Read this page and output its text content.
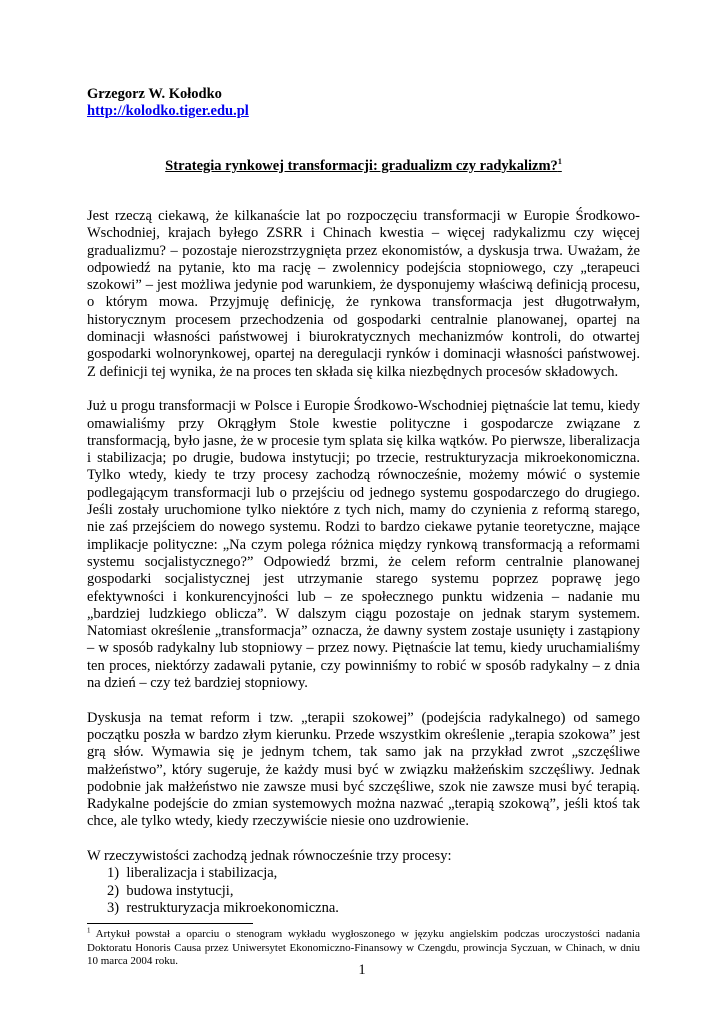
Grzegorz W. Kołodko

http://kolodko.tiger.edu.pl

Strategia rynkowej transformacji: gradualizm czy radykalizm?$^1$

Jest rzeczą ciekawą, że kilkanaście lat po rozpoczęciu transformacji w Europie Środkowo-Wschodniej, krajach byłego ZSRR i Chinach kwestia – więcej radykalizmu czy więcej gradualizmu? – pozostaje nierozstrzygnięta przez ekonomistów, a dyskusja trwa. Uważam, że odpowiedź na pytanie, kto ma rację – zwolennicy podejścia stopniowego, czy „terapeuci szokowi” – jest możliwa jedynie pod warunkiem, że dysponujemy właściwą definicją procesu, o którym mowa. Przyjmuję definicję, że rynkowa transformacja jest długotrwałym, historycznym procesem przechodzenia od gospodarki centralnie planowanej, opartej na dominacji własności państwowej i biurokratycznych mechanizmów kontroli, do otwartej gospodarki wolnorynkowej, opartej na deregulacji rynków i dominacji własności państwowej. Z definicji tej wynika, że na proces ten składa się kilka niezbędnych procesów składowych.

Już u progu transformacji w Polsce i Europie Środkowo-Wschodniej piętnaście lat temu, kiedy omawialiśmy przy Okrągłym Stole kwestie polityczne i gospodarcze związane z transformacją, było jasne, że w procesie tym splata się kilka wątków. Po pierwsze, liberalizacja i stabilizacja; po drugie, budowa instytucji; po trzecie, restrukturyzacja mikroekonomiczna. Tylko wtedy, kiedy te trzy procesy zachodzą równocześnie, możemy mówić o systemie podlegającym transformacji lub o przejściu od jednego systemu gospodarczego do drugiego. Jeśli zostały uruchomione tylko niektóre z tych nich, mamy do czynienia z reformą starego, nie zaś przejściem do nowego systemu. Rodzi to bardzo ciekawe pytanie teoretyczne, mające implikacje polityczne: „Na czym polega różnica między rynkową transformacją a reformami systemu socjalistycznego?” Odpowiedź brzmi, że celem reform centralnie planowanej gospodarki socjalistycznej jest utrzymanie starego systemu poprzez poprawę jego efektywności i konkurencyjności lub – ze społecznego punktu widzenia – nadanie mu „bardziej ludzkiego oblicza”. W dalszym ciągu pozostaje on jednak starym systemem. Natomiast określenie „transformacja” oznacza, że dawny system zostaje usunięty i zastąpiony – w sposób radykalny lub stopniowy – przez nowy. Piętnaście lat temu, kiedy uruchamialiśmy ten proces, niektórzy zadawali pytanie, czy powinniśmy to robić w sposób radykalny – z dnia na dzień – czy też bardziej stopniowy.

Dyskusja na temat reform i tzw. „terapii szokowej” (podejścia radykalnego) od samego początku poszła w bardzo złym kierunku. Przede wszystkim określenie „terapia szokowa” jest grą słów. Wymawia się je jednym tchem, tak samo jak na przykład zwrot „szczęśliwe małżeństwo”, który sugeruje, że każdy musi być w związku małżeńskim szczęśliwy. Jednak podobnie jak małżeństwo nie zawsze musi być szczęśliwe, szok nie zawsze musi być terapią. Radykalne podejście do zmian systemowych można nazwać „terapią szokową”, jeśli ktoś tak chce, ale tylko wtedy, kiedy rzeczywiście niesie ono uzdrowienie.

W rzeczywistości zachodzą jednak równocześnie trzy procesy:

1)  liberalizacja i stabilizacja,
2)  budowa instytucji,
3)  restrukturyzacja mikroekonomiczna.

$^1$ Artykuł powstał a oparciu o stenogram wykładu wygłoszonego w języku angielskim podczas uroczystości nadania Doktoratu Honoris Causa przez Uniwersytet Ekonomiczno-Finansowy w Czengdu, prowincja Syczuan, w Chinach, w dniu 10 marca 2004 roku.

1
